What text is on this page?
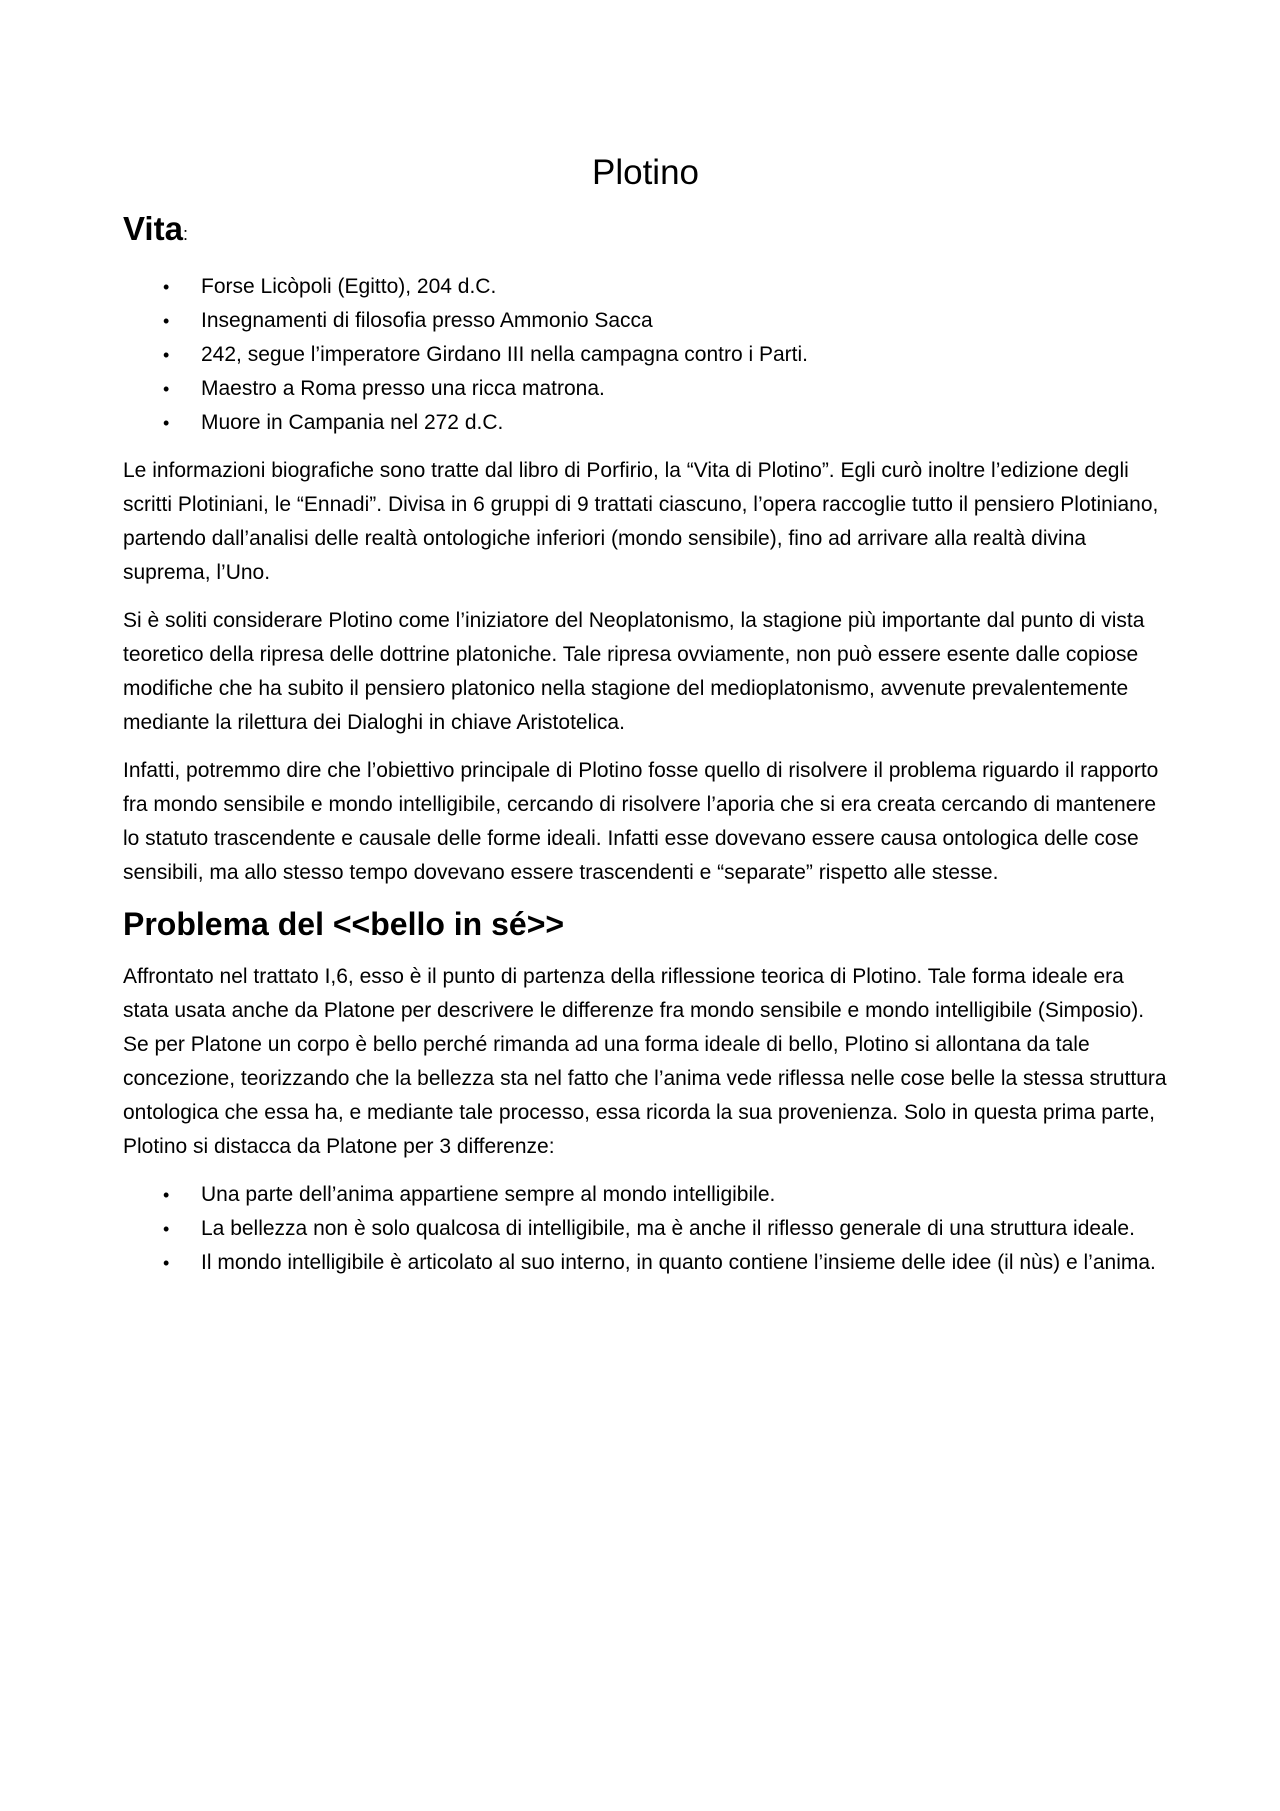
Plotino
Vita:
• Forse Licòpoli (Egitto), 204 d.C.
• Insegnamenti di filosofia presso Ammonio Sacca
• 242, segue l’imperatore Girdano III nella campagna contro i Parti.
• Maestro a Roma presso una ricca matrona.
• Muore in Campania nel 272 d.C.

Le informazioni biografiche sono tratte dal libro di Porfirio, la “Vita di Plotino”. Egli curò inoltre l’edizione degli scritti Plotiniani, le “Ennadi”. Divisa in 6 gruppi di 9 trattati ciascuno, l’opera raccoglie tutto il pensiero Plotiniano, partendo dall’analisi delle realtà ontologiche inferiori (mondo sensibile), fino ad arrivare alla realtà divina suprema, l’Uno.

Si è soliti considerare Plotino come l’iniziatore del Neoplatonismo, la stagione più importante dal punto di vista teoretico della ripresa delle dottrine platoniche. Tale ripresa ovviamente, non può essere esente dalle copiose modifiche che ha subito il pensiero platonico nella stagione del medioplatonismo, avvenute prevalentemente mediante la rilettura dei Dialoghi in chiave Aristotelica.

Infatti, potremmo dire che l’obiettivo principale di Plotino fosse quello di risolvere il problema riguardo il rapporto fra mondo sensibile e mondo intelligibile, cercando di risolvere l’aporia che si era creata cercando di mantenere lo statuto trascendente e causale delle forme ideali. Infatti esse dovevano essere causa ontologica delle cose sensibili, ma allo stesso tempo dovevano essere trascendenti e “separate” rispetto alle stesse.

Problema del <<bello in sé>>

Affrontato nel trattato I,6, esso è il punto di partenza della riflessione teorica di Plotino. Tale forma ideale era stata usata anche da Platone per descrivere le differenze fra mondo sensibile e mondo intelligibile (Simposio). Se per Platone un corpo è bello perché rimanda ad una forma ideale di bello, Plotino si allontana da tale concezione, teorizzando che la bellezza sta nel fatto che l’anima vede riflessa nelle cose belle la stessa struttura ontologica che essa ha, e mediante tale processo, essa ricorda la sua provenienza. Solo in questa prima parte, Plotino si distacca da Platone per 3 differenze:

• Una parte dell’anima appartiene sempre al mondo intelligibile.
• La bellezza non è solo qualcosa di intelligibile, ma è anche il riflesso generale di una struttura ideale.
• Il mondo intelligibile è articolato al suo interno, in quanto contiene l’insieme delle idee (il nùs) e l’anima.
